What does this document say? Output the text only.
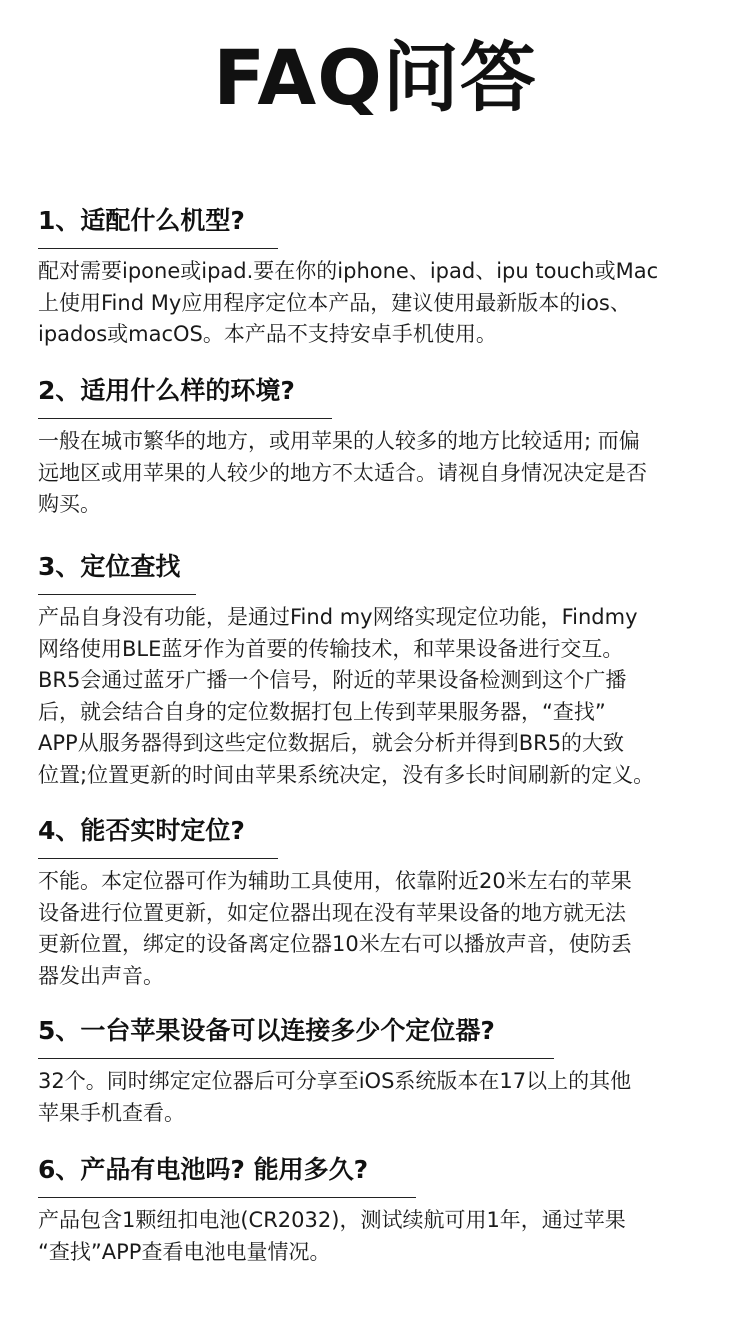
FAQ问答
1、适配什么机型?
配对需要ipone或ipad.要在你的iphone、ipad、ipu touch或Mac
上使用Find My应用程序定位本产品，建议使用最新版本的ios、
ipados或macOS。本产品不支持安卓手机使用。
2、适用什么样的环境?
一般在城市繁华的地方，或用苹果的人较多的地方比较适用; 而偏
远地区或用苹果的人较少的地方不太适合。请视自身情况决定是否
购买。
3、定位查找
产品自身没有功能，是通过Find my网络实现定位功能，Findmy
网络使用BLE蓝牙作为首要的传输技术，和苹果设备进行交互。
BR5会通过蓝牙广播一个信号，附近的苹果设备检测到这个广播
后，就会结合自身的定位数据打包上传到苹果服务器，“查找”
APP从服务器得到这些定位数据后，就会分析并得到BR5的大致
位置;位置更新的时间由苹果系统决定，没有多长时间刷新的定义。
4、能否实时定位?
不能。本定位器可作为辅助工具使用，依靠附近20米左右的苹果
设备进行位置更新，如定位器出现在没有苹果设备的地方就无法
更新位置，绑定的设备离定位器10米左右可以播放声音，使防丢
器发出声音。
5、一台苹果设备可以连接多少个定位器?
32个。同时绑定定位器后可分享至iOS系统版本在17以上的其他
苹果手机查看。
6、产品有电池吗? 能用多久?
产品包含1颗纽扣电池(CR2032)，测试续航可用1年，通过苹果
“查找”APP查看电池电量情况。
